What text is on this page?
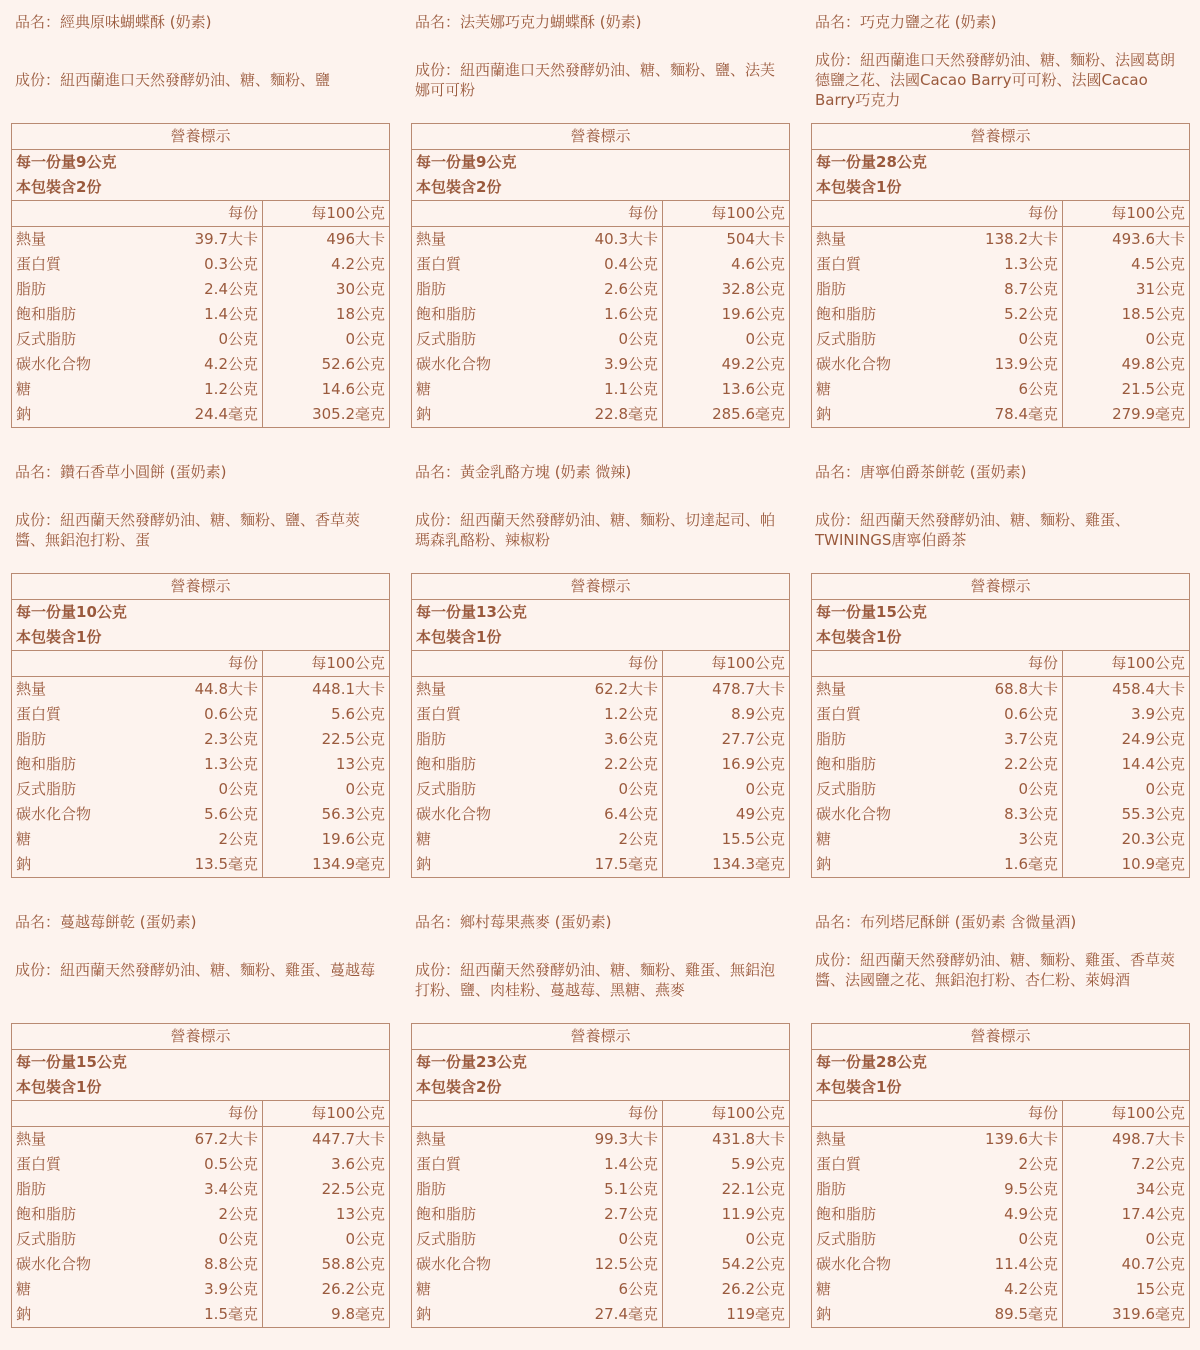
品名：經典原味蝴蝶酥 (奶素)
成份：紐西蘭進口天然發酵奶油、糖、麵粉、鹽
營養標示		
每一份量9公克		
本包裝含2份		
	每份	每100公克
熱量	39.7大卡	496大卡
蛋白質	0.3公克	4.2公克
脂肪	2.4公克	30公克
飽和脂肪	1.4公克	18公克
反式脂肪	0公克	0公克
碳水化合物	4.2公克	52.6公克
糖	1.2公克	14.6公克
鈉	24.4毫克	305.2毫克
品名：法芙娜巧克力蝴蝶酥 (奶素)
成份：紐西蘭進口天然發酵奶油、糖、麵粉、鹽、法芙娜可可粉
營養標示		
每一份量9公克		
本包裝含2份		
	每份	每100公克
熱量	40.3大卡	504大卡
蛋白質	0.4公克	4.6公克
脂肪	2.6公克	32.8公克
飽和脂肪	1.6公克	19.6公克
反式脂肪	0公克	0公克
碳水化合物	3.9公克	49.2公克
糖	1.1公克	13.6公克
鈉	22.8毫克	285.6毫克
品名：巧克力鹽之花 (奶素)
成份：紐西蘭進口天然發酵奶油、糖、麵粉、法國葛朗德鹽之花、法國Cacao Barry可可粉、法國Cacao Barry巧克力
營養標示		
每一份量28公克		
本包裝含1份		
	每份	每100公克
熱量	138.2大卡	493.6大卡
蛋白質	1.3公克	4.5公克
脂肪	8.7公克	31公克
飽和脂肪	5.2公克	18.5公克
反式脂肪	0公克	0公克
碳水化合物	13.9公克	49.8公克
糖	6公克	21.5公克
鈉	78.4毫克	279.9毫克
品名：鑽石香草小圓餅 (蛋奶素)
成份：紐西蘭天然發酵奶油、糖、麵粉、鹽、香草莢醬、無鋁泡打粉、蛋
營養標示		
每一份量10公克		
本包裝含1份		
	每份	每100公克
熱量	44.8大卡	448.1大卡
蛋白質	0.6公克	5.6公克
脂肪	2.3公克	22.5公克
飽和脂肪	1.3公克	13公克
反式脂肪	0公克	0公克
碳水化合物	5.6公克	56.3公克
糖	2公克	19.6公克
鈉	13.5毫克	134.9毫克
品名：黃金乳酪方塊 (奶素 微辣)
成份：紐西蘭天然發酵奶油、糖、麵粉、切達起司、帕瑪森乳酪粉、辣椒粉
營養標示		
每一份量13公克		
本包裝含1份		
	每份	每100公克
熱量	62.2大卡	478.7大卡
蛋白質	1.2公克	8.9公克
脂肪	3.6公克	27.7公克
飽和脂肪	2.2公克	16.9公克
反式脂肪	0公克	0公克
碳水化合物	6.4公克	49公克
糖	2公克	15.5公克
鈉	17.5毫克	134.3毫克
品名：唐寧伯爵茶餅乾 (蛋奶素)
成份：紐西蘭天然發酵奶油、糖、麵粉、雞蛋、TWININGS唐寧伯爵茶
營養標示		
每一份量15公克		
本包裝含1份		
	每份	每100公克
熱量	68.8大卡	458.4大卡
蛋白質	0.6公克	3.9公克
脂肪	3.7公克	24.9公克
飽和脂肪	2.2公克	14.4公克
反式脂肪	0公克	0公克
碳水化合物	8.3公克	55.3公克
糖	3公克	20.3公克
鈉	1.6毫克	10.9毫克
品名：蔓越莓餅乾 (蛋奶素)
成份：紐西蘭天然發酵奶油、糖、麵粉、雞蛋、蔓越莓
營養標示		
每一份量15公克		
本包裝含1份		
	每份	每100公克
熱量	67.2大卡	447.7大卡
蛋白質	0.5公克	3.6公克
脂肪	3.4公克	22.5公克
飽和脂肪	2公克	13公克
反式脂肪	0公克	0公克
碳水化合物	8.8公克	58.8公克
糖	3.9公克	26.2公克
鈉	1.5毫克	9.8毫克
品名：鄉村莓果燕麥 (蛋奶素)
成份：紐西蘭天然發酵奶油、糖、麵粉、雞蛋、無鋁泡打粉、鹽、肉桂粉、蔓越莓、黑糖、燕麥
營養標示		
每一份量23公克		
本包裝含2份		
	每份	每100公克
熱量	99.3大卡	431.8大卡
蛋白質	1.4公克	5.9公克
脂肪	5.1公克	22.1公克
飽和脂肪	2.7公克	11.9公克
反式脂肪	0公克	0公克
碳水化合物	12.5公克	54.2公克
糖	6公克	26.2公克
鈉	27.4毫克	119毫克
品名：布列塔尼酥餅 (蛋奶素 含微量酒)
成份：紐西蘭天然發酵奶油、糖、麵粉、雞蛋、香草莢醬、法國鹽之花、無鋁泡打粉、杏仁粉、萊姆酒
營養標示		
每一份量28公克		
本包裝含1份		
	每份	每100公克
熱量	139.6大卡	498.7大卡
蛋白質	2公克	7.2公克
脂肪	9.5公克	34公克
飽和脂肪	4.9公克	17.4公克
反式脂肪	0公克	0公克
碳水化合物	11.4公克	40.7公克
糖	4.2公克	15公克
鈉	89.5毫克	319.6毫克
